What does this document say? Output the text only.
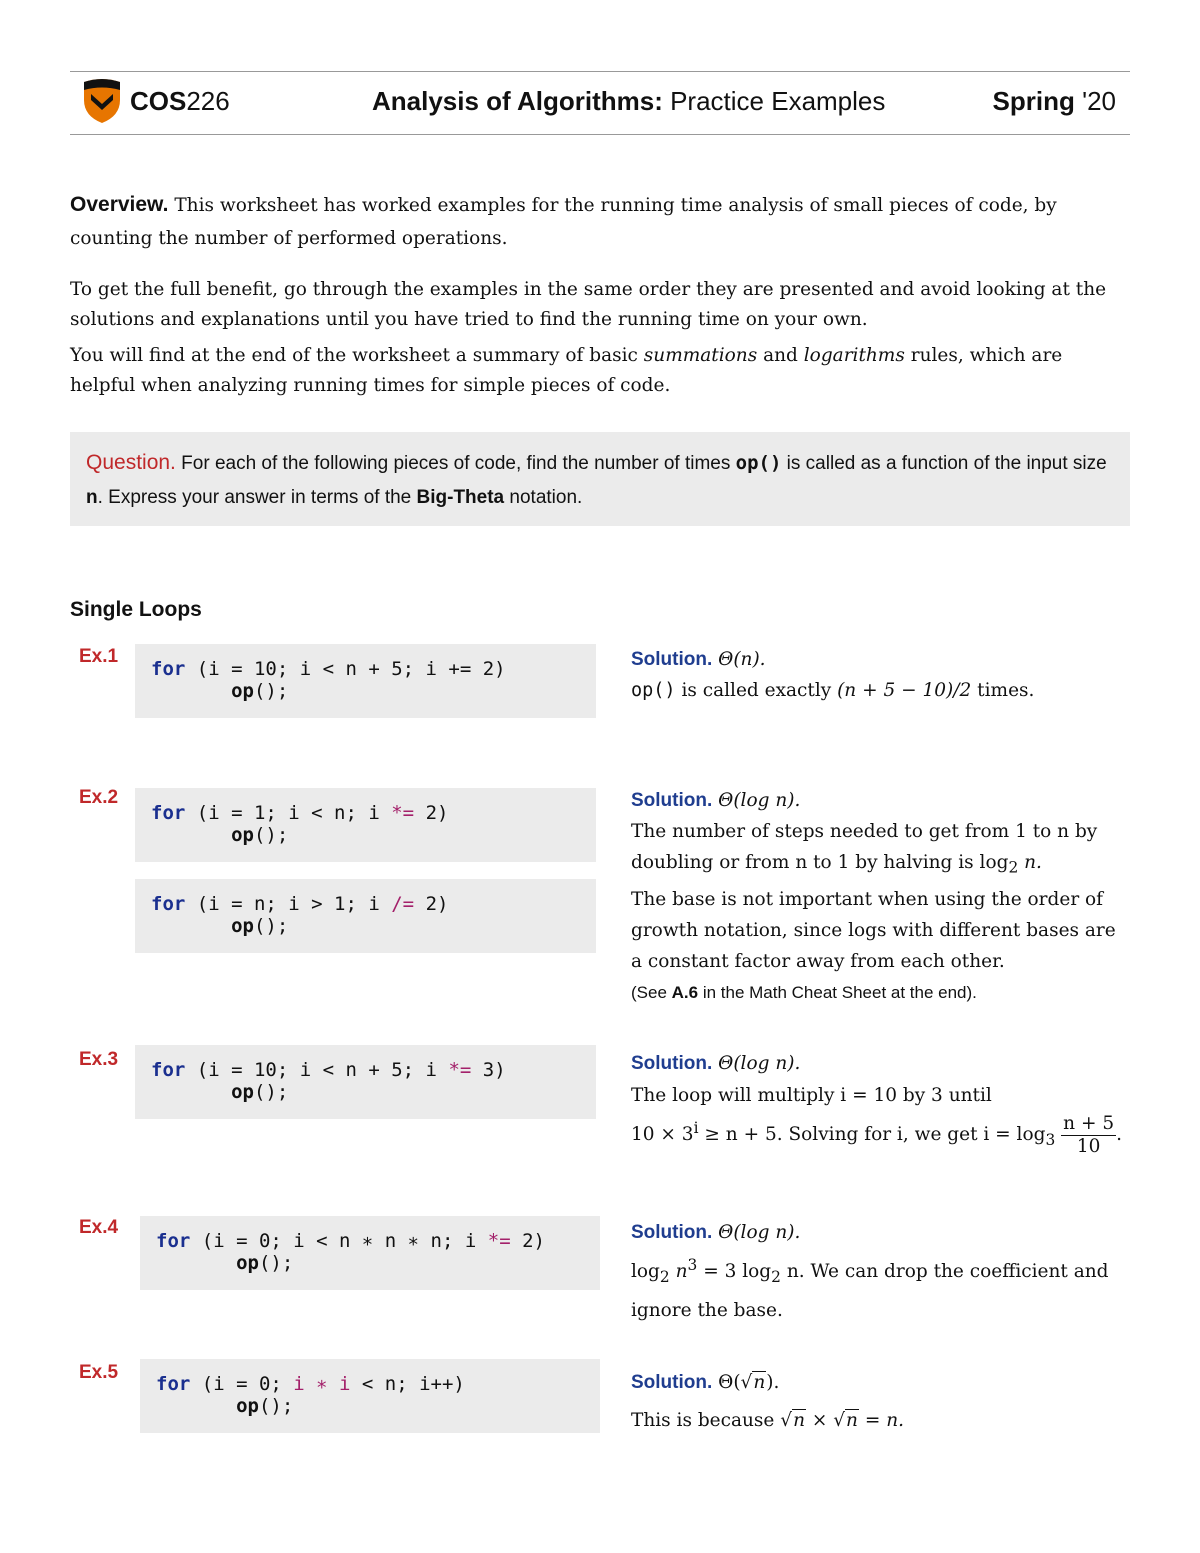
COS226	Analysis of Algorithms: Practice Examples	Spring '20
Overview. This worksheet has worked examples for the running time analysis of small pieces of code, by counting the number of performed operations.
To get the full benefit, go through the examples in the same order they are presented and avoid looking at the solutions and explanations until you have tried to find the running time on your own.
You will find at the end of the worksheet a summary of basic summations and logarithms rules, which are helpful when analyzing running times for simple pieces of code.
Question. For each of the following pieces of code, find the number of times op() is called as a function of the input size n. Express your answer in terms of the Big-Theta notation.
Single Loops
Ex.1

for (i = 10; i < n + 5; i += 2)
op();

Solution. Θ(n).
op() is called exactly (n + 5 − 10)/2 times.
Ex.2

for (i = 1; i < n; i *= 2)
op();

for (i = n; i > 1; i /= 2)
op();

Solution. Θ(log n).
The number of steps needed to get from 1 to n by doubling or from n to 1 by halving is $\log_2 n$.
The base is not important when using the order of growth notation, since logs with different bases are a constant factor away from each other.
(See A.6 in the Math Cheat Sheet at the end).
Ex.3

for (i = 10; i < n + 5; i *= 3)
op();

Solution. Θ(log n).
The loop will multiply i = 10 by 3 until
$10 \times 3^i \ge n + 5$. Solving for i, we get $i = \log_3 \frac{n + 5}{10}$ .
Ex.4

for (i = 0; i < n ∗ n ∗ n; i *= 2)
op();

Solution. Θ(log n).
$\log_2 n^3 = 3$ $\log_2 n$. We can drop the coefficient and ignore the base.
Ex.5

for (i = 0; i ∗ i < n; i++)
op();

Solution. Θ(√n).
This is because √n × √n = n.
